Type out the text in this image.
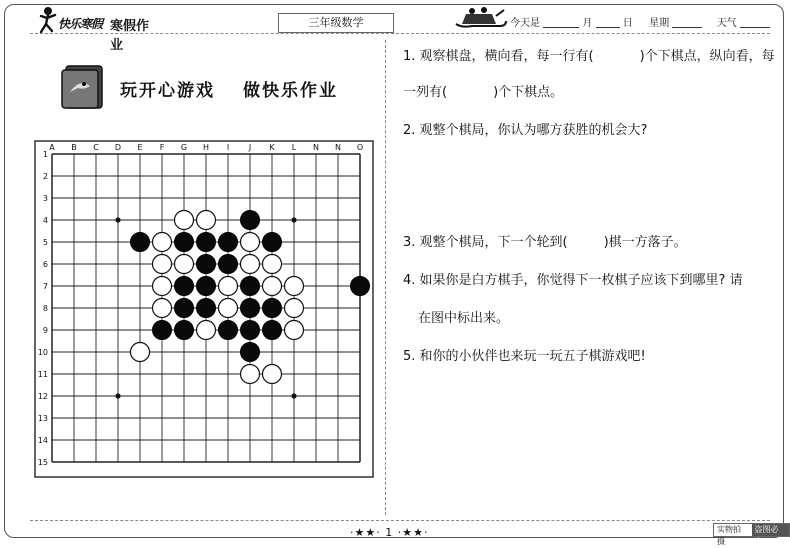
快乐寒假 寒假作业
三年级数学	今天是	月	日 星期	天气
玩开心游戏 做快乐作业
A B C D E F G H I J K L N N O
1
2
3
4
5
6
7
8
9
10
11
12
13
14
15
1. 观察棋盘，横向看，每一行有(	)个下棋点，纵向看，每
一列有(	)个下棋点。
2. 观整个棋局，你认为哪方获胜的机会大?
3. 观整个棋局，下一个轮到(	)棋一方落子。
4. 如果你是白方棋手，你觉得下一枚棋子应该下到哪里? 请
在图中标出来。
5. 和你的小伙伴也来玩一玩五子棋游戏吧!
·★★· 1 ·★★·	实物拍摄
盗图必究
